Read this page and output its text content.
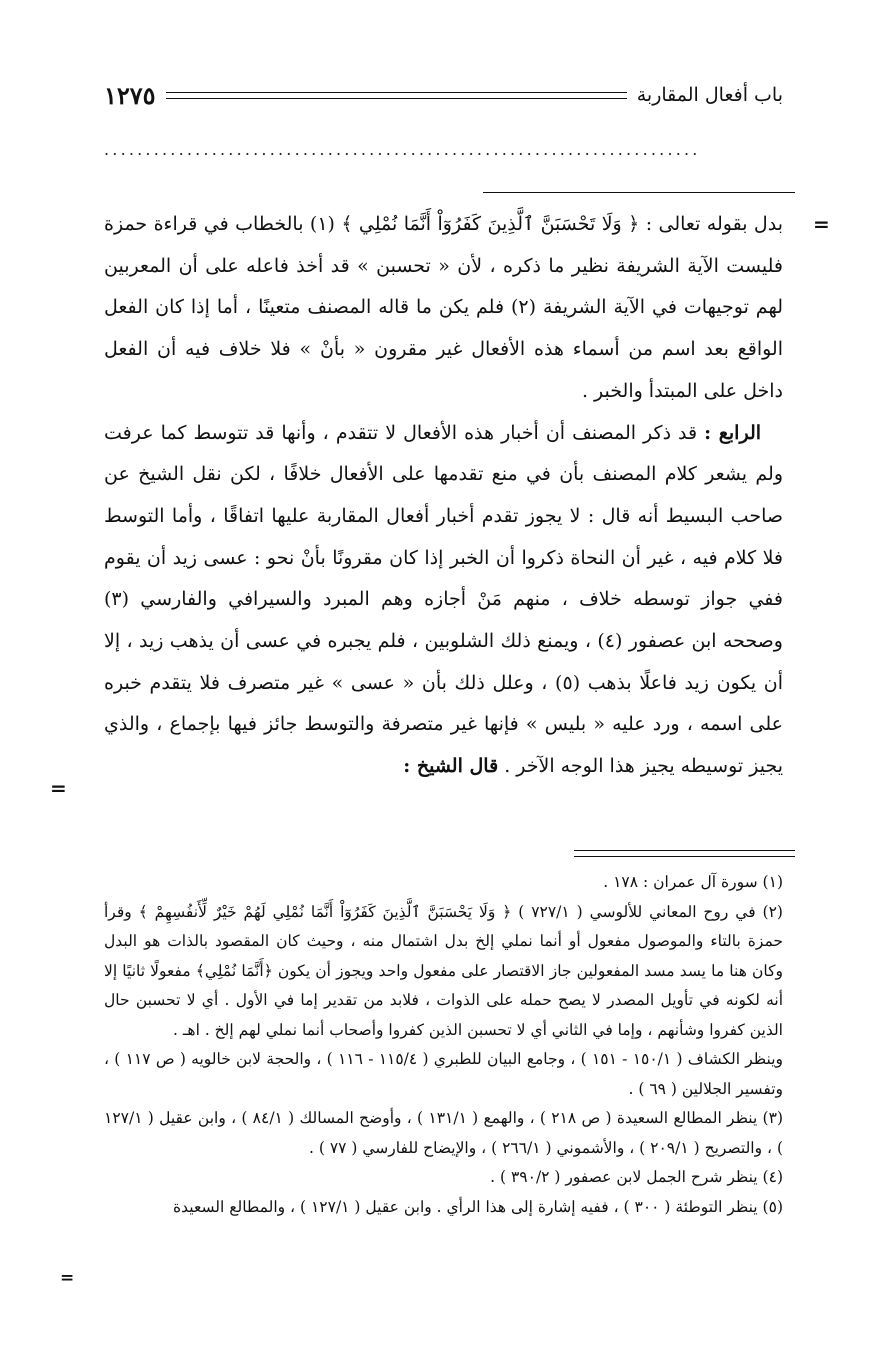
باب أفعال المقاربة
١٢٧٥
........................................................................
=

بدل بقوله تعالى : ﴿ وَلَا تَحْسَبَنَّ ٱلَّذِينَ كَفَرُوٓاْ أَنَّمَا نُمْلِي ﴾ (١) بالخطاب في قراءة حمزة فليست الآية الشريفة نظير ما ذكره ، لأن « تحسبن » قد أخذ فاعله على أن المعربين لهم توجيهات في الآية الشريفة (٢) فلم يكن ما قاله المصنف متعينًا ، أما إذا كان الفعل الواقع بعد اسم من أسماء هذه الأفعال غير مقرون « بأنْ » فلا خلاف فيه أن الفعل داخل على المبتدأ والخبر .

الرابع : قد ذكر المصنف أن أخبار هذه الأفعال لا تتقدم ، وأنها قد تتوسط كما عرفت ولم يشعر كلام المصنف بأن في منع تقدمها على الأفعال خلافًا ، لكن نقل الشيخ عن صاحب البسيط أنه قال : لا يجوز تقدم أخبار أفعال المقاربة عليها اتفاقًا ، وأما التوسط فلا كلام فيه ، غير أن النحاة ذكروا أن الخبر إذا كان مقرونًا بأنْ نحو : عسى زيد أن يقوم ففي جواز توسطه خلاف ، منهم مَنْ أجازه وهم المبرد والسيرافي والفارسي (٣) وصححه ابن عصفور (٤) ، ويمنع ذلك الشلوبين ، فلم يجبره في عسى أن يذهب زيد ، إلا أن يكون زيد فاعلًا بذهب (٥) ، وعلل ذلك بأن « عسى » غير متصرف فلا يتقدم خبره على اسمه ، ورد عليه « بليس » فإنها غير متصرفة والتوسط جائز فيها بإجماع ، والذي يجيز توسيطه يجيز هذا الوجه الآخر . قال الشيخ :

=

(١) سورة آل عمران : ١٧٨ .

(٢) في روح المعاني للألوسي ( ٧٢٧/١ ) ﴿ وَلَا يَحْسَبَنَّ ٱلَّذِينَ كَفَرُوٓاْ أَنَّمَا نُمْلِي لَهُمْ خَيْرٌ لِّأَنفُسِهِمْ ﴾ وقرأ حمزة بالتاء والموصول مفعول أو أنما نملي إلخ بدل اشتمال منه ، وحيث كان المقصود بالذات هو البدل وكان هنا ما يسد مسد المفعولين جاز الاقتصار على مفعول واحد ويجوز أن يكون ﴿أَنَّمَا نُمْلِي﴾ مفعولًا ثانيًا إلا أنه لكونه في تأويل المصدر لا يصح حمله على الذوات ، فلابد من تقدير إما في الأول . أي لا تحسبن حال الذين كفروا وشأنهم ، وإما في الثاني أي لا تحسبن الذين كفروا وأصحاب أنما نملي لهم إلخ . اهـ .

وينظر الكشاف ( ١٥٠/١ - ١٥١ ) ، وجامع البيان للطبري ( ١١٥/٤ - ١١٦ ) ، والحجة لابن خالويه ( ص ١١٧ ) ، وتفسير الجلالين ( ٦٩ ) .

(٣) ينظر المطالع السعيدة ( ص ٢١٨ ) ، والهمع ( ١٣١/١ ) ، وأوضح المسالك ( ٨٤/١ ) ، وابن عقيل ( ١٢٧/١ ) ، والتصريح ( ٢٠٩/١ ) ، والأشموني ( ٢٦٦/١ ) ، والإيضاح للفارسي ( ٧٧ ) .

(٤) ينظر شرح الجمل لابن عصفور ( ٣٩٠/٢ ) .

(٥) ينظر التوطئة ( ٣٠٠ ) ، ففيه إشارة إلى هذا الرأي . وابن عقيل ( ١٢٧/١ ) ، والمطالع السعيدة

=
